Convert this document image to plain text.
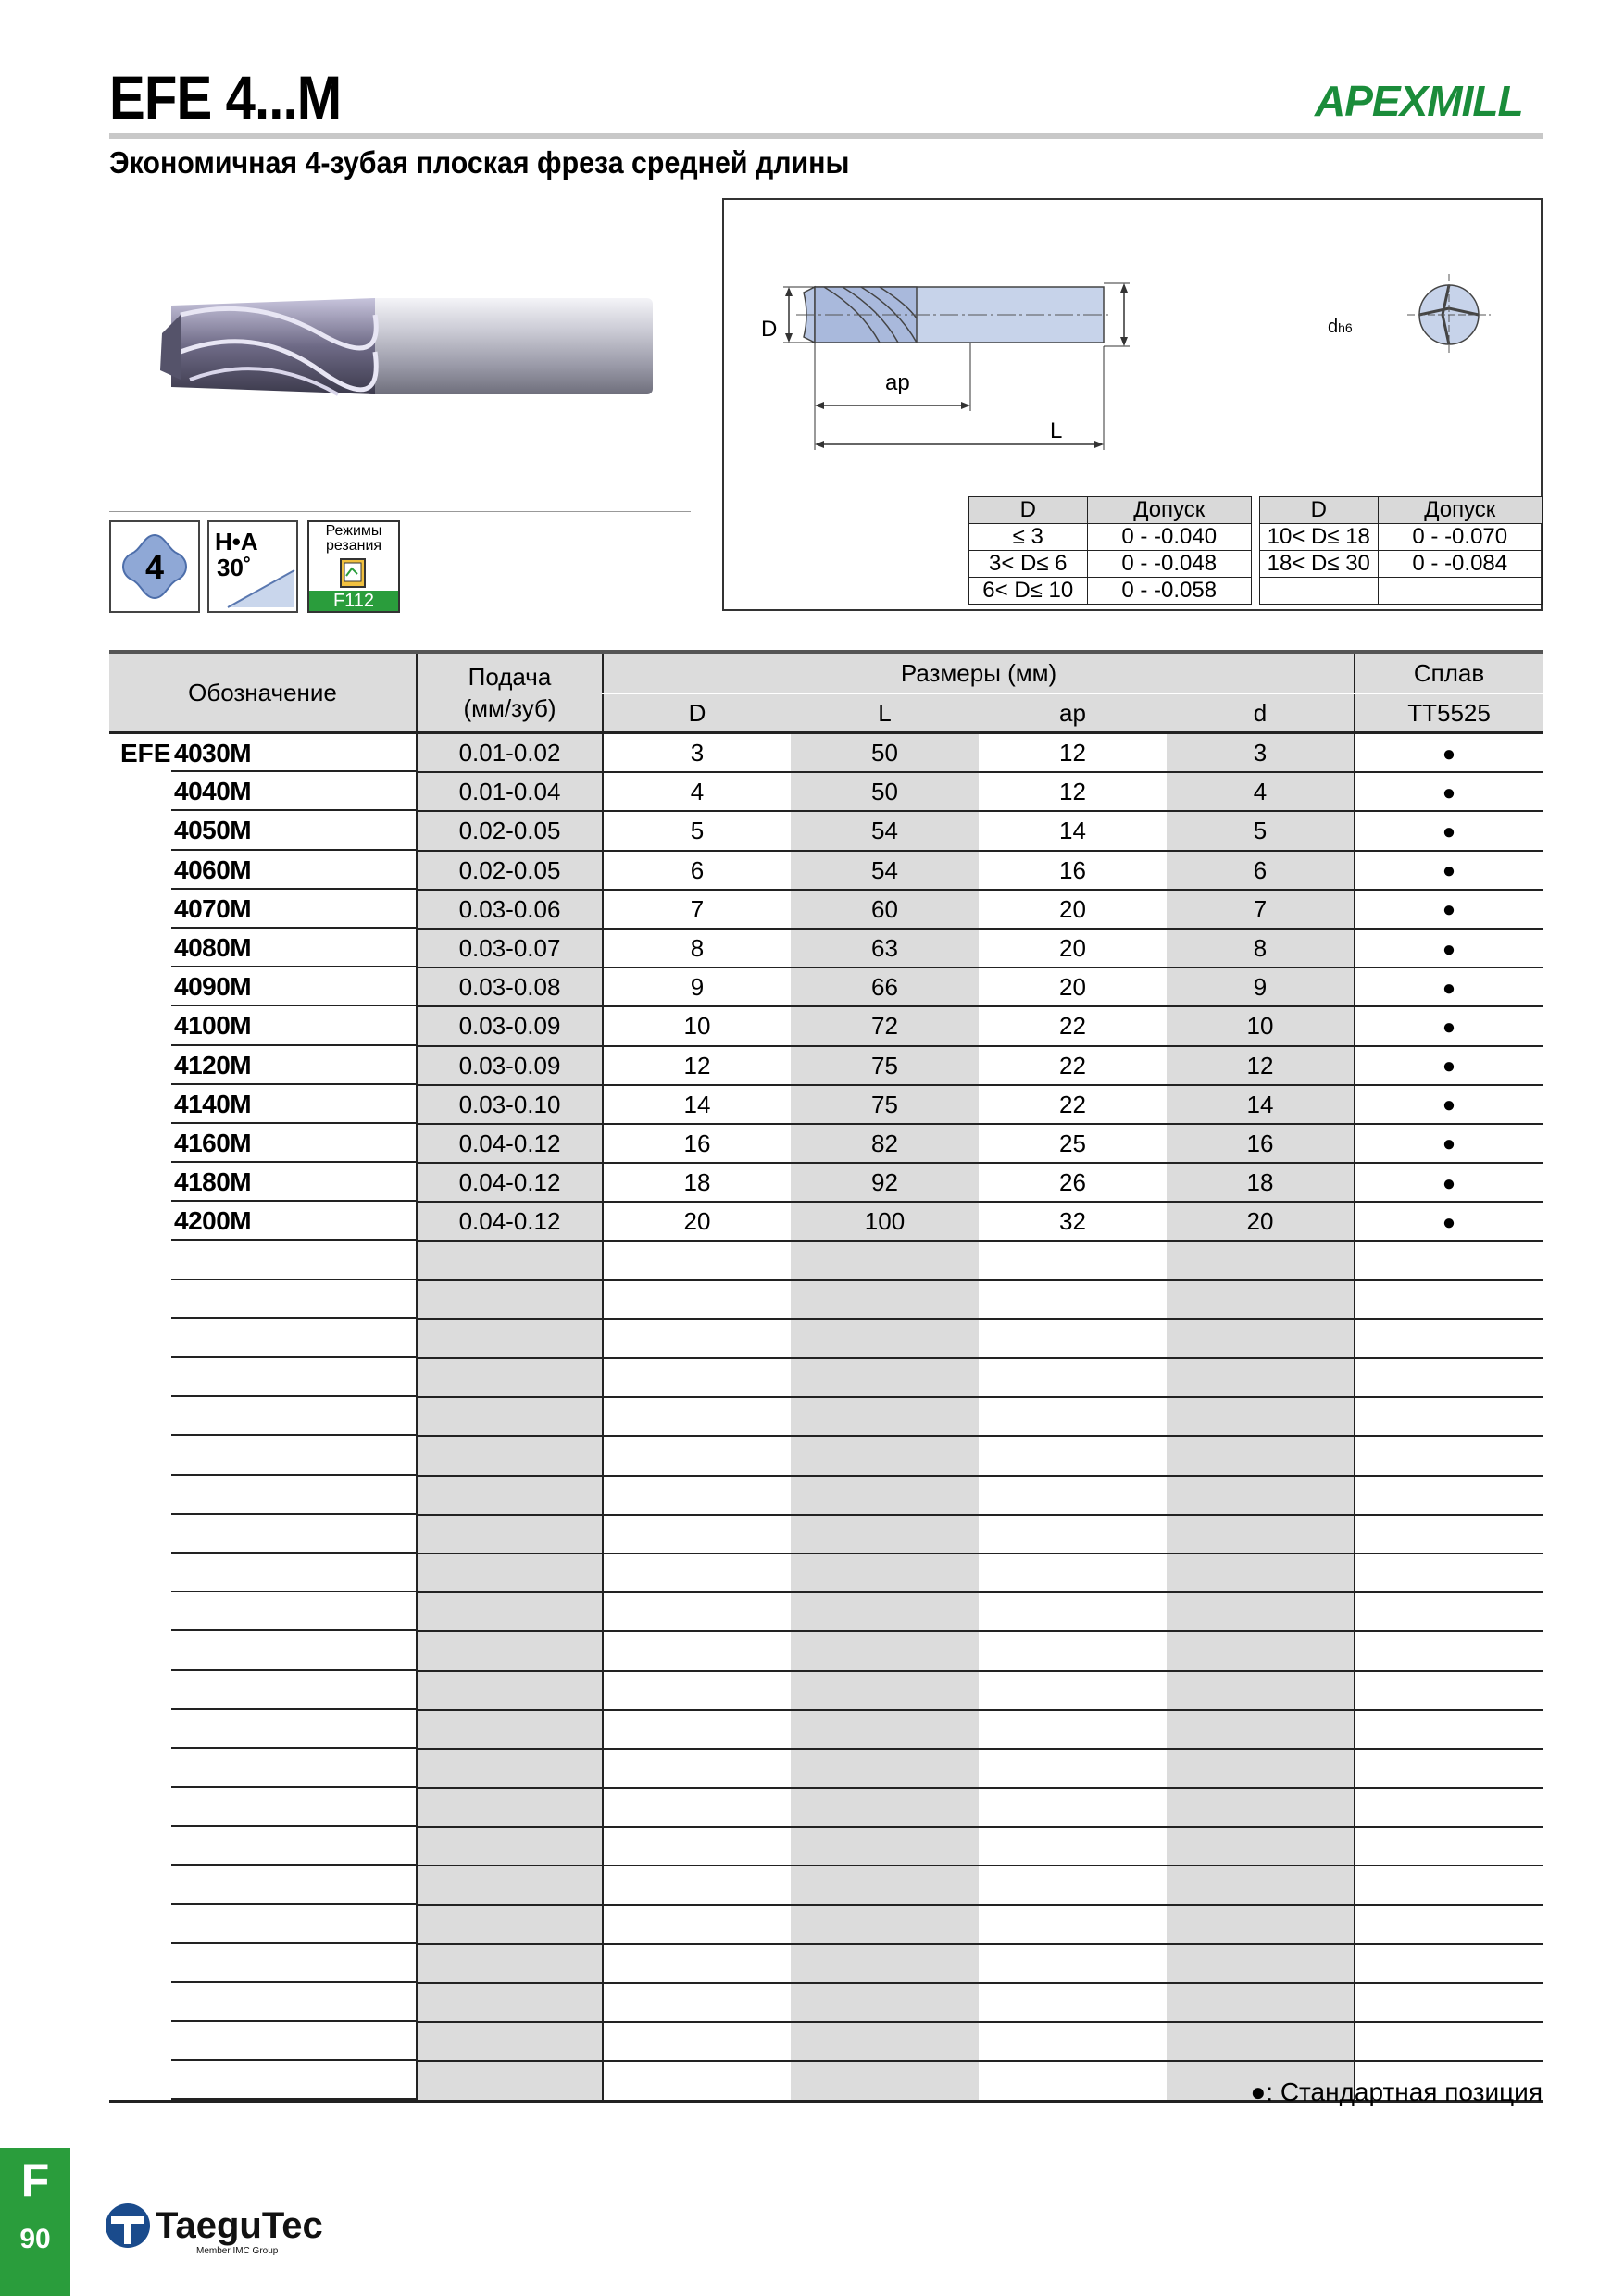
EFE 4...M	APEXMILL
Экономичная 4-зубая плоская фреза средней длины
4
H•A
30˚
Режимы резания
F112
D	dh6
ap
L
D	Допуск
≤ 3	0 - -0.040
3< D≤ 6	0 - -0.048
6< D≤ 10	0 - -0.058
D	Допуск
10< D≤ 18	0 - -0.070
18< D≤ 30	0 - -0.084

Обозначение	Подача
(мм/зуб)	Размеры (мм)				Сплав
		D	L	ap	d	TT5525
EFE 4030M	0.01-0.02	3	50	12	3	●
4040M	0.01-0.04	4	50	12	4	●
4050M	0.02-0.05	5	54	14	5	●
4060M	0.02-0.05	6	54	16	6	●
4070M	0.03-0.06	7	60	20	7	●
4080M	0.03-0.07	8	63	20	8	●
4090M	0.03-0.08	9	66	20	9	●
4100M	0.03-0.09	10	72	22	10	●
4120M	0.03-0.09	12	75	22	12	●
4140M	0.03-0.10	14	75	22	14	●
4160M	0.04-0.12	16	82	25	16	●
4180M	0.04-0.12	18	92	26	18	●
4200M	0.04-0.12	20	100	32	20	●

●: Стандартная позиция
F
90	TaeguTec
Member IMC Group
